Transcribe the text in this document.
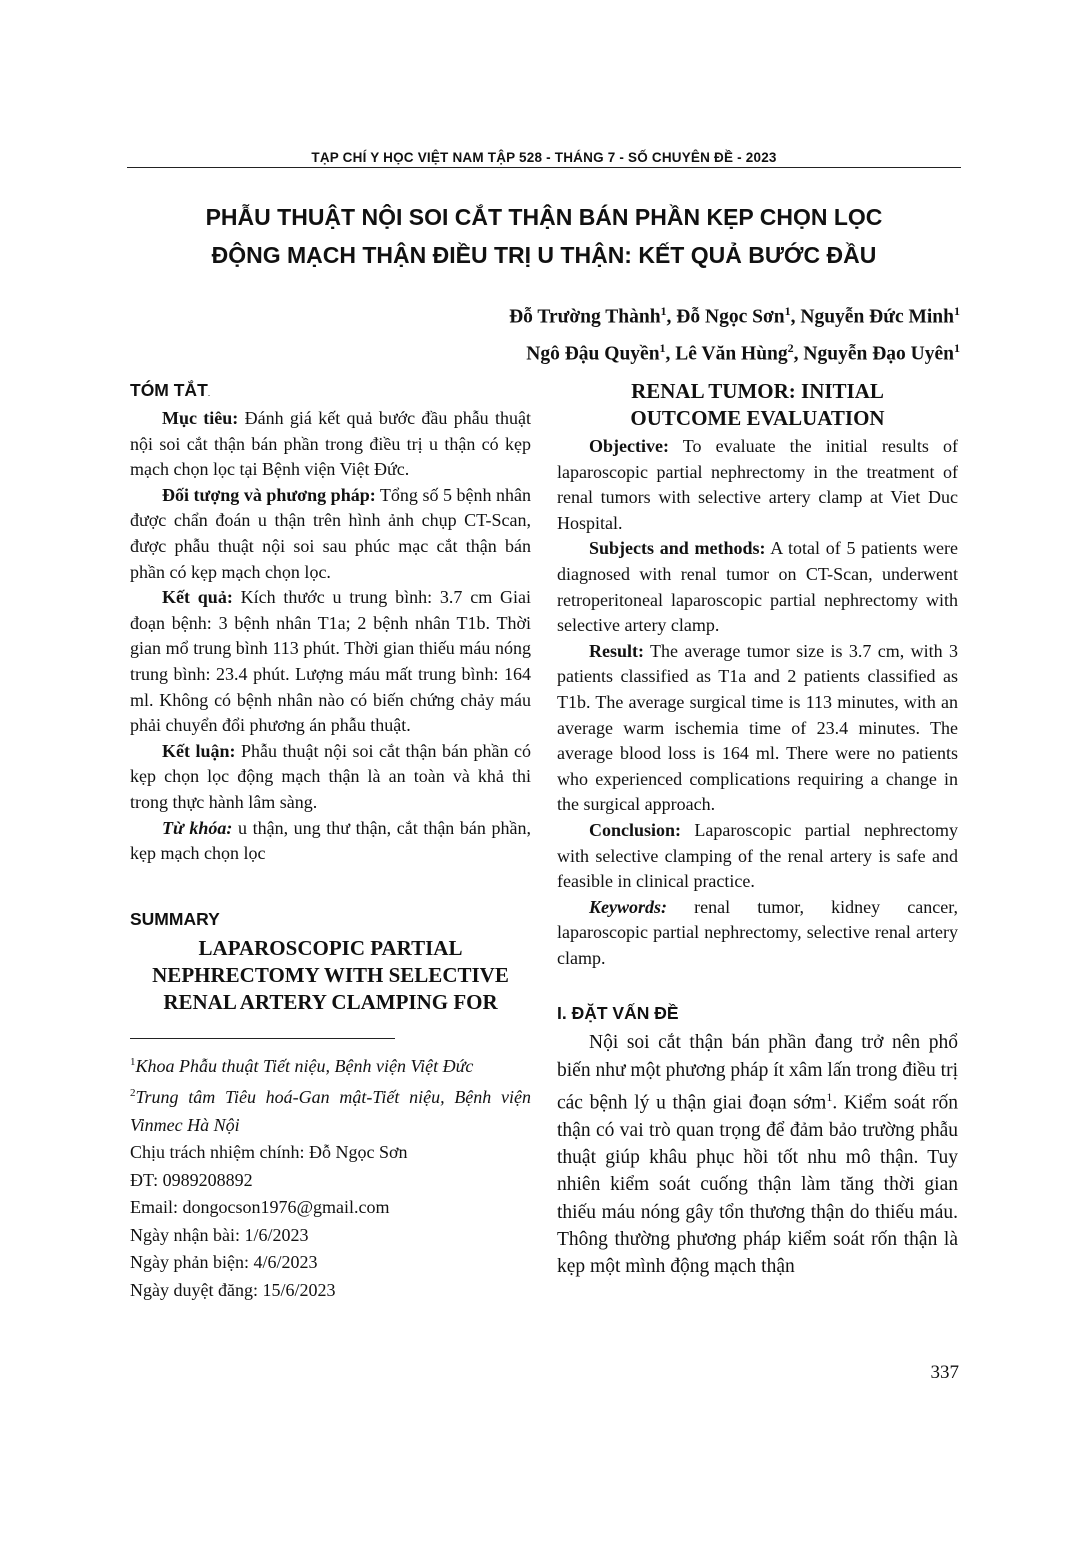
TẠP CHÍ Y HỌC VIỆT NAM TẬP 528 - THÁNG 7 - SỐ CHUYÊN ĐỀ - 2023
PHẪU THUẬT NỘI SOI CẮT THẬN BÁN PHẦN KẸP CHỌN LỌC
ĐỘNG MẠCH THẬN ĐIỀU TRỊ U THẬN: KẾT QUẢ BƯỚC ĐẦU
Đỗ Trường Thành$^1$, Đỗ Ngọc Sơn$^1$, Nguyễn Đức Minh$^1$
Ngô Đậu Quyền$^1$, Lê Văn Hùng$^2$, Nguyễn Đạo Uyên$^1$
TÓM TẮT.

Mục tiêu: Đánh giá kết quả bước đầu phẫu thuật nội soi cắt thận bán phần trong điều trị u thận có kẹp mạch chọn lọc tại Bệnh viện Việt Đức.

Đối tượng và phương pháp: Tổng số 5 bệnh nhân được chẩn đoán u thận trên hình ảnh chụp CT-Scan, được phẫu thuật nội soi sau phúc mạc cắt thận bán phần có kẹp mạch chọn lọc.

Kết quả: Kích thước u trung bình: 3.7 cm Giai đoạn bệnh: 3 bệnh nhân T1a; 2 bệnh nhân T1b. Thời gian mổ trung bình 113 phút. Thời gian thiếu máu nóng trung bình: 23.4 phút. Lượng máu mất trung bình: 164 ml. Không có bệnh nhân nào có biến chứng chảy máu phải chuyển đổi phương án phẫu thuật.

Kết luận: Phẫu thuật nội soi cắt thận bán phần có kẹp chọn lọc động mạch thận là an toàn và khả thi trong thực hành lâm sàng.

Từ khóa: u thận, ung thư thận, cắt thận bán phần, kẹp mạch chọn lọc

SUMMARY

LAPAROSCOPIC PARTIAL NEPHRECTOMY WITH SELECTIVE RENAL ARTERY CLAMPING FOR

$^1$Khoa Phẫu thuật Tiết niệu, Bệnh viện Việt Đức

$^2$Trung tâm Tiêu hoá-Gan mật-Tiết niệu, Bệnh viện Vinmec Hà Nội

Chịu trách nhiệm chính: Đỗ Ngọc Sơn

ĐT: 0989208892

Email: dongocson1976@gmail.com

Ngày nhận bài: 1/6/2023

Ngày phản biện: 4/6/2023

Ngày duyệt đăng: 15/6/2023

RENAL TUMOR: INITIAL OUTCOME EVALUATION

Objective: To evaluate the initial results of laparoscopic partial nephrectomy in the treatment of renal tumors with selective artery clamp at Viet Duc Hospital.

Subjects and methods: A total of 5 patients were diagnosed with renal tumor on CT-Scan, underwent retroperitoneal laparoscopic partial nephrectomy with selective artery clamp.

Result: The average tumor size is 3.7 cm, with 3 patients classified as T1a and 2 patients classified as T1b. The average surgical time is 113 minutes, with an average warm ischemia time of 23.4 minutes. The average blood loss is 164 ml. There were no patients who experienced complications requiring a change in the surgical approach.

Conclusion: Laparoscopic partial nephrectomy with selective clamping of the renal artery is safe and feasible in clinical practice.

Keywords: renal tumor, kidney cancer, laparoscopic partial nephrectomy, selective renal artery clamp.

I. ĐẶT VẤN ĐỀ

Nội soi cắt thận bán phần đang trở nên phổ biến như một phương pháp ít xâm lấn trong điều trị các bệnh lý u thận giai đoạn sớm$^1$. Kiểm soát rốn thận có vai trò quan trọng để đảm bảo trường phẫu thuật giúp khâu phục hồi tốt nhu mô thận. Tuy nhiên kiểm soát cuống thận làm tăng thời gian thiếu máu nóng gây tổn thương thận do thiếu máu. Thông thường phương pháp kiểm soát rốn thận là kẹp một mình động mạch thận

337
